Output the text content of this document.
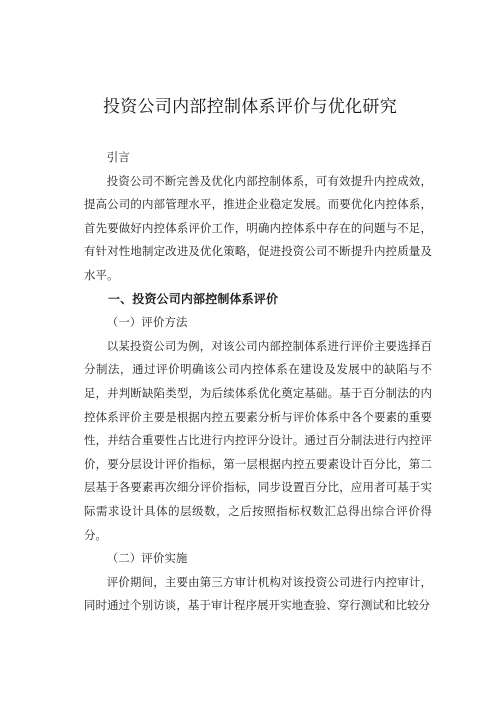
投资公司内部控制体系评价与优化研究

引言

投资公司不断完善及优化内部控制体系，可有效提升内控成效，提高公司的内部管理水平，推进企业稳定发展。而要优化内控体系，首先要做好内控体系评价工作，明确内控体系中存在的问题与不足，有针对性地制定改进及优化策略，促进投资公司不断提升内控质量及水平。

一、投资公司内部控制体系评价

（一）评价方法

以某投资公司为例，对该公司内部控制体系进行评价主要选择百分制法，通过评价明确该公司内控体系在建设及发展中的缺陷与不足，并判断缺陷类型，为后续体系优化奠定基础。基于百分制法的内控体系评价主要是根据内控五要素分析与评价体系中各个要素的重要性，并结合重要性占比进行内控评分设计。通过百分制法进行内控评价，要分层设计评价指标，第一层根据内控五要素设计百分比，第二层基于各要素再次细分评价指标，同步设置百分比，应用者可基于实际需求设计具体的层级数，之后按照指标权数汇总得出综合评价得分。

（二）评价实施

评价期间，主要由第三方审计机构对该投资公司进行内控审计，同时通过个别访谈，基于审计程序展开实地查验、穿行测试和比较分
